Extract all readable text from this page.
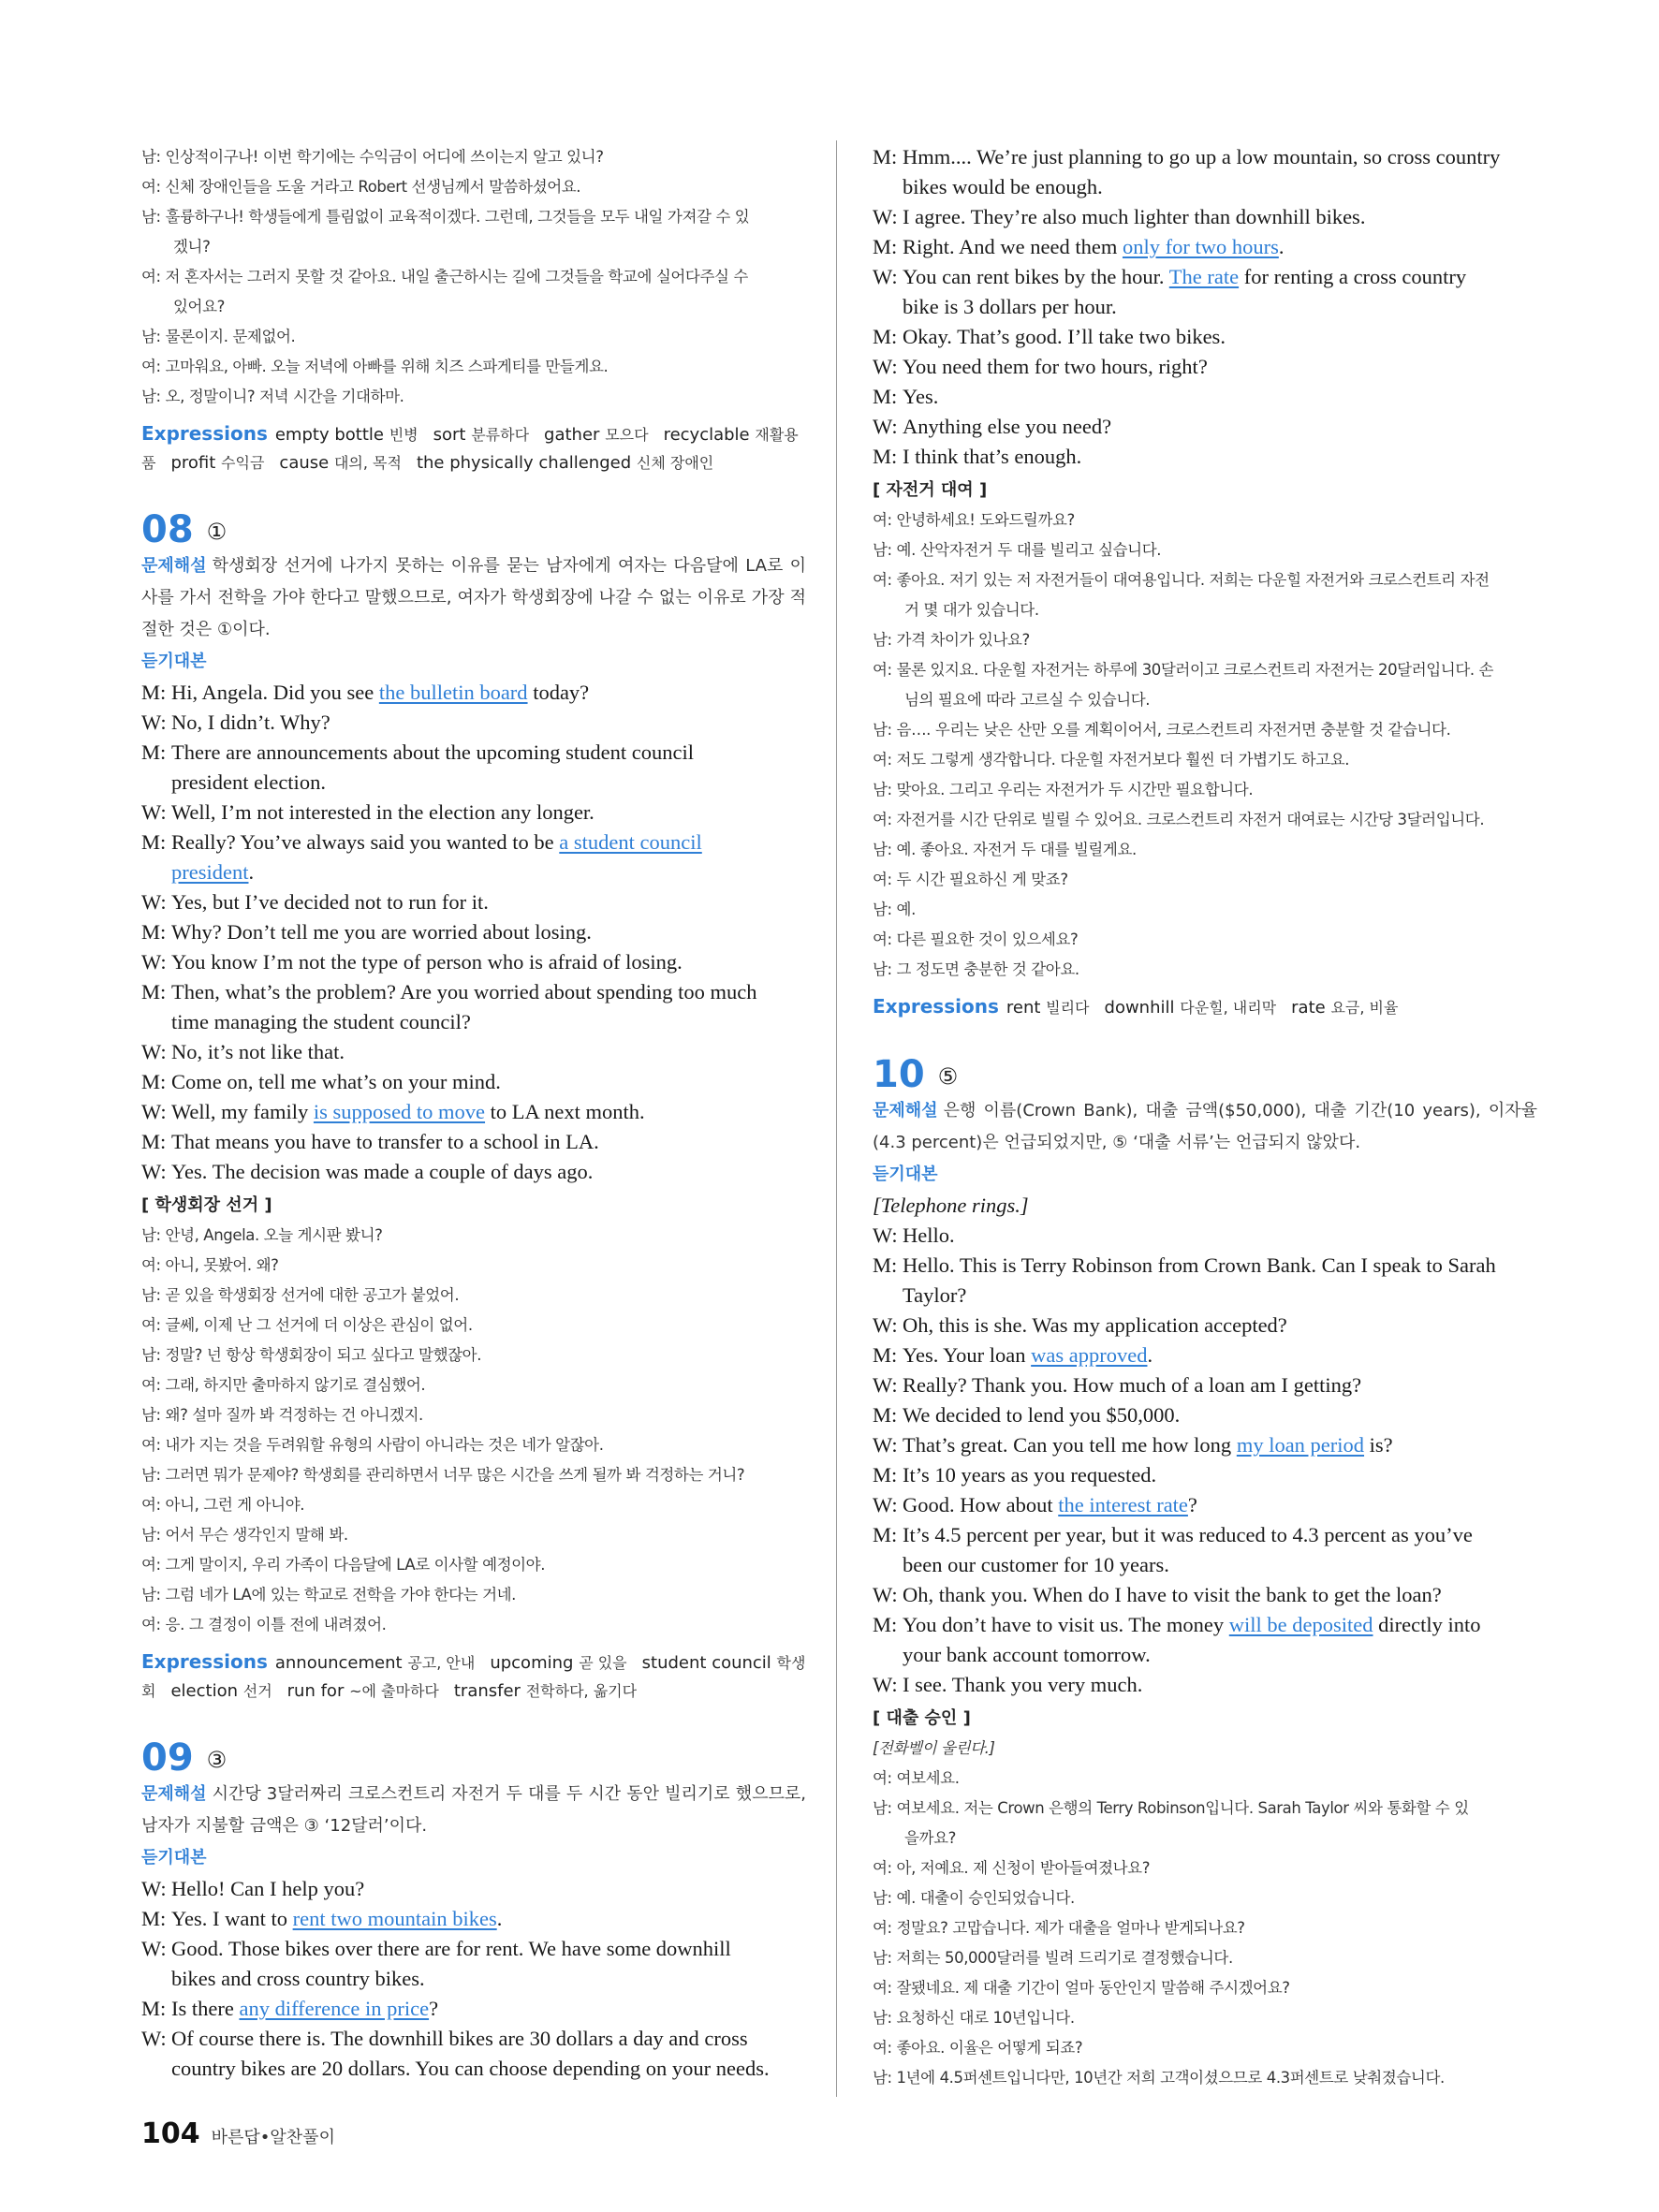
남: 인상적이구나! 이번 학기에는 수익금이 어디에 쓰이는지 알고 있니?
여: 신체 장애인들을 도울 거라고 Robert 선생님께서 말씀하셨어요.
남: 훌륭하구나! 학생들에게 틀림없이 교육적이겠다. 그런데, 그것들을 모두 내일 가져갈 수 있
겠니?
여: 저 혼자서는 그러지 못할 것 같아요. 내일 출근하시는 길에 그것들을 학교에 실어다주실 수
있어요?
남: 물론이지. 문제없어.
여: 고마워요, 아빠. 오늘 저녁에 아빠를 위해 치즈 스파게티를 만들게요.
남: 오, 정말이니? 저녁 시간을 기대하마.
Expressions empty bottle 빈병 sort 분류하다 gather 모으다 recyclable 재활용품 profit 수익금 cause 대의, 목적 the physically challenged 신체 장애인
08 ①
문제해설 학생회장 선거에 나가지 못하는 이유를 묻는 남자에게 여자는 다음달에 LA로 이사를 가서 전학을 가야 한다고 말했으므로, 여자가 학생회장에 나갈 수 없는 이유로 가장 적절한 것은 ①이다.
듣기대본
M: Hi, Angela. Did you see the bulletin board today?
W: No, I didn’t. Why?
M: There are announcements about the upcoming student council
president election.
W: Well, I’m not interested in the election any longer.
M: Really? You’ve always said you wanted to be a student council
president.
W: Yes, but I’ve decided not to run for it.
M: Why? Don’t tell me you are worried about losing.
W: You know I’m not the type of person who is afraid of losing.
M: Then, what’s the problem? Are you worried about spending too much
time managing the student council?
W: No, it’s not like that.
M: Come on, tell me what’s on your mind.
W: Well, my family is supposed to move to LA next month.
M: That means you have to transfer to a school in LA.
W: Yes. The decision was made a couple of days ago.
[ 학생회장 선거 ]
남: 안녕, Angela. 오늘 게시판 봤니?
여: 아니, 못봤어. 왜?
남: 곧 있을 학생회장 선거에 대한 공고가 붙었어.
여: 글쎄, 이제 난 그 선거에 더 이상은 관심이 없어.
남: 정말? 넌 항상 학생회장이 되고 싶다고 말했잖아.
여: 그래, 하지만 출마하지 않기로 결심했어.
남: 왜? 설마 질까 봐 걱정하는 건 아니겠지.
여: 내가 지는 것을 두려워할 유형의 사람이 아니라는 것은 네가 알잖아.
남: 그러면 뭐가 문제야? 학생회를 관리하면서 너무 많은 시간을 쓰게 될까 봐 걱정하는 거니?
여: 아니, 그런 게 아니야.
남: 어서 무슨 생각인지 말해 봐.
여: 그게 말이지, 우리 가족이 다음달에 LA로 이사할 예정이야.
남: 그럼 네가 LA에 있는 학교로 전학을 가야 한다는 거네.
여: 응. 그 결정이 이틀 전에 내려졌어.
Expressions announcement 공고, 안내 upcoming 곧 있을 student council 학생회 election 선거 run for ~에 출마하다 transfer 전학하다, 옮기다
09 ③
문제해설 시간당 3달러짜리 크로스컨트리 자전거 두 대를 두 시간 동안 빌리기로 했으므로, 남자가 지불할 금액은 ③ ‘12달러’이다.
듣기대본
W: Hello! Can I help you?
M: Yes. I want to rent two mountain bikes.
W: Good. Those bikes over there are for rent. We have some downhill
bikes and cross country bikes.
M: Is there any difference in price?
W: Of course there is. The downhill bikes are 30 dollars a day and cross
country bikes are 20 dollars. You can choose depending on your needs.
M: Hmm.... We’re just planning to go up a low mountain, so cross country
bikes would be enough.
W: I agree. They’re also much lighter than downhill bikes.
M: Right. And we need them only for two hours.
W: You can rent bikes by the hour. The rate for renting a cross country
bike is 3 dollars per hour.
M: Okay. That’s good. I’ll take two bikes.
W: You need them for two hours, right?
M: Yes.
W: Anything else you need?
M: I think that’s enough.
[ 자전거 대여 ]
여: 안녕하세요! 도와드릴까요?
남: 예. 산악자전거 두 대를 빌리고 싶습니다.
여: 좋아요. 저기 있는 저 자전거들이 대여용입니다. 저희는 다운힐 자전거와 크로스컨트리 자전
거 몇 대가 있습니다.
남: 가격 차이가 있나요?
여: 물론 있지요. 다운힐 자전거는 하루에 30달러이고 크로스컨트리 자전거는 20달러입니다. 손
님의 필요에 따라 고르실 수 있습니다.
남: 음…. 우리는 낮은 산만 오를 계획이어서, 크로스컨트리 자전거면 충분할 것 같습니다.
여: 저도 그렇게 생각합니다. 다운힐 자전거보다 훨씬 더 가볍기도 하고요.
남: 맞아요. 그리고 우리는 자전거가 두 시간만 필요합니다.
여: 자전거를 시간 단위로 빌릴 수 있어요. 크로스컨트리 자전거 대여료는 시간당 3달러입니다.
남: 예. 좋아요. 자전거 두 대를 빌릴게요.
여: 두 시간 필요하신 게 맞죠?
남: 예.
여: 다른 필요한 것이 있으세요?
남: 그 정도면 충분한 것 같아요.
Expressions rent 빌리다 downhill 다운힐, 내리막 rate 요금, 비율
10 ⑤
문제해설 은행 이름(Crown Bank), 대출 금액($50,000), 대출 기간(10 years), 이자율(4.3 percent)은 언급되었지만, ⑤ ‘대출 서류’는 언급되지 않았다.
듣기대본
[Telephone rings.]
W: Hello.
M: Hello. This is Terry Robinson from Crown Bank. Can I speak to Sarah
Taylor?
W: Oh, this is she. Was my application accepted?
M: Yes. Your loan was approved.
W: Really? Thank you. How much of a loan am I getting?
M: We decided to lend you $50,000.
W: That’s great. Can you tell me how long my loan period is?
M: It’s 10 years as you requested.
W: Good. How about the interest rate?
M: It’s 4.5 percent per year, but it was reduced to 4.3 percent as you’ve
been our customer for 10 years.
W: Oh, thank you. When do I have to visit the bank to get the loan?
M: You don’t have to visit us. The money will be deposited directly into
your bank account tomorrow.
W: I see. Thank you very much.
[ 대출 승인 ]
[전화벨이 울린다.]
여: 여보세요.
남: 여보세요. 저는 Crown 은행의 Terry Robinson입니다. Sarah Taylor 씨와 통화할 수 있
을까요?
여: 아, 저예요. 제 신청이 받아들여졌나요?
남: 예. 대출이 승인되었습니다.
여: 정말요? 고맙습니다. 제가 대출을 얼마나 받게되나요?
남: 저희는 50,000달러를 빌려 드리기로 결정했습니다.
여: 잘됐네요. 제 대출 기간이 얼마 동안인지 말씀해 주시겠어요?
남: 요청하신 대로 10년입니다.
여: 좋아요. 이율은 어떻게 되죠?
남: 1년에 4.5퍼센트입니다만, 10년간 저희 고객이셨으므로 4.3퍼센트로 낮춰졌습니다.
104 바른답•알찬풀이
